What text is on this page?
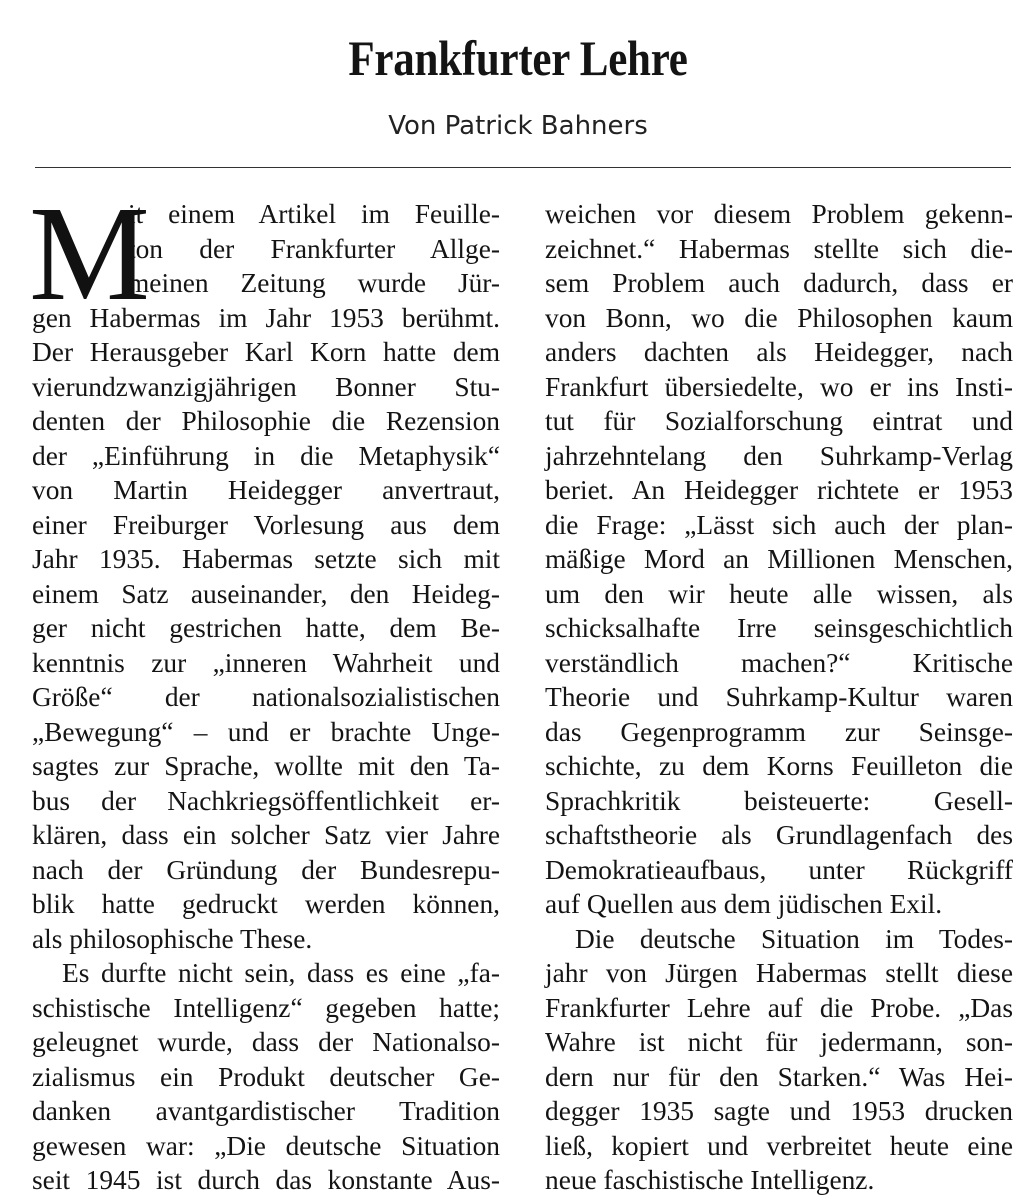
Frankfurter Lehre
Von Patrick Bahners
M
it einem Artikel im Feuille-
ton der Frankfurter Allge-
meinen Zeitung wurde Jür-
gen Habermas im Jahr 1953 berühmt.
Der Herausgeber Karl Korn hatte dem
vierundzwanzigjährigen Bonner Stu-
denten der Philosophie die Rezension
der „Einführung in die Metaphysik“
von Martin Heidegger anvertraut,
einer Freiburger Vorlesung aus dem
Jahr 1935. Habermas setzte sich mit
einem Satz auseinander, den Heideg-
ger nicht gestrichen hatte, dem Be-
kenntnis zur „inneren Wahrheit und
Größe“ der nationalsozialistischen
„Bewegung“ – und er brachte Unge-
sagtes zur Sprache, wollte mit den Ta-
bus der Nachkriegsöffentlichkeit er-
klären, dass ein solcher Satz vier Jahre
nach der Gründung der Bundesrepu-
blik hatte gedruckt werden können,
als philosophische These.
Es durfte nicht sein, dass es eine „fa-
schistische Intelligenz“ gegeben hatte;
geleugnet wurde, dass der Nationalso-
zialismus ein Produkt deutscher Ge-
danken avantgardistischer Tradition
gewesen war: „Die deutsche Situation
seit 1945 ist durch das konstante Aus-
weichen vor diesem Problem gekenn-
zeichnet.“ Habermas stellte sich die-
sem Problem auch dadurch, dass er
von Bonn, wo die Philosophen kaum
anders dachten als Heidegger, nach
Frankfurt übersiedelte, wo er ins Insti-
tut für Sozialforschung eintrat und
jahrzehntelang den Suhrkamp-Verlag
beriet. An Heidegger richtete er 1953
die Frage: „Lässt sich auch der plan-
mäßige Mord an Millionen Menschen,
um den wir heute alle wissen, als
schicksalhafte Irre seinsgeschichtlich
verständlich machen?“ Kritische
Theorie und Suhrkamp-Kultur waren
das Gegenprogramm zur Seinsge-
schichte, zu dem Korns Feuilleton die
Sprachkritik beisteuerte: Gesell-
schaftstheorie als Grundlagenfach des
Demokratieaufbaus, unter Rückgriff
auf Quellen aus dem jüdischen Exil.
Die deutsche Situation im Todes-
jahr von Jürgen Habermas stellt diese
Frankfurter Lehre auf die Probe. „Das
Wahre ist nicht für jedermann, son-
dern nur für den Starken.“ Was Hei-
degger 1935 sagte und 1953 drucken
ließ, kopiert und verbreitet heute eine
neue faschistische Intelligenz.
